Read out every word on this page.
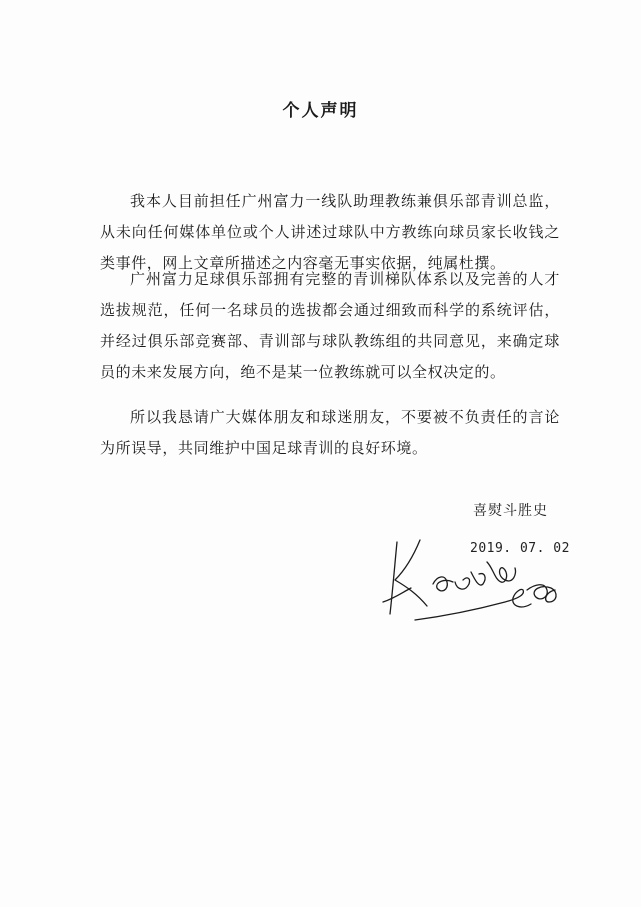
个人声明
我本人目前担任广州富力一线队助理教练兼俱乐部青训总监，从未向任何媒体单位或个人讲述过球队中方教练向球员家长收钱之类事件，网上文章所描述之内容毫无事实依据，纯属杜撰。
广州富力足球俱乐部拥有完整的青训梯队体系以及完善的人才选拔规范，任何一名球员的选拔都会通过细致而科学的系统评估，并经过俱乐部竞赛部、青训部与球队教练组的共同意见，来确定球员的未来发展方向，绝不是某一位教练就可以全权决定的。
所以我恳请广大媒体朋友和球迷朋友，不要被不负责任的言论为所误导，共同维护中国足球青训的良好环境。
喜熨斗胜史
2019. 07. 02
